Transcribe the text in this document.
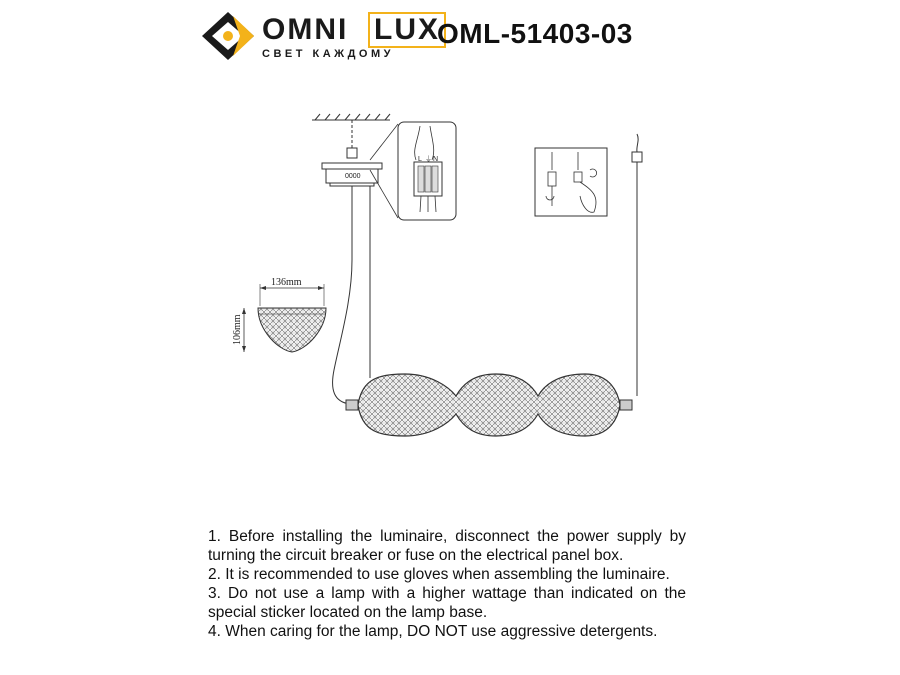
OMNI LUX
СВЕТ КАЖДОМУ
OML-51403-03
0000
L ⏚ N
136mm
106mm

1. Before installing the luminaire, disconnect the power supply by turning the circuit breaker or fuse on the electrical panel box.

2. It is recommended to use gloves when assembling the luminaire.

3. Do not use a lamp with a higher wattage than indicated on the special sticker located on the lamp base.

4. When caring for the lamp, DO NOT use aggressive detergents.
